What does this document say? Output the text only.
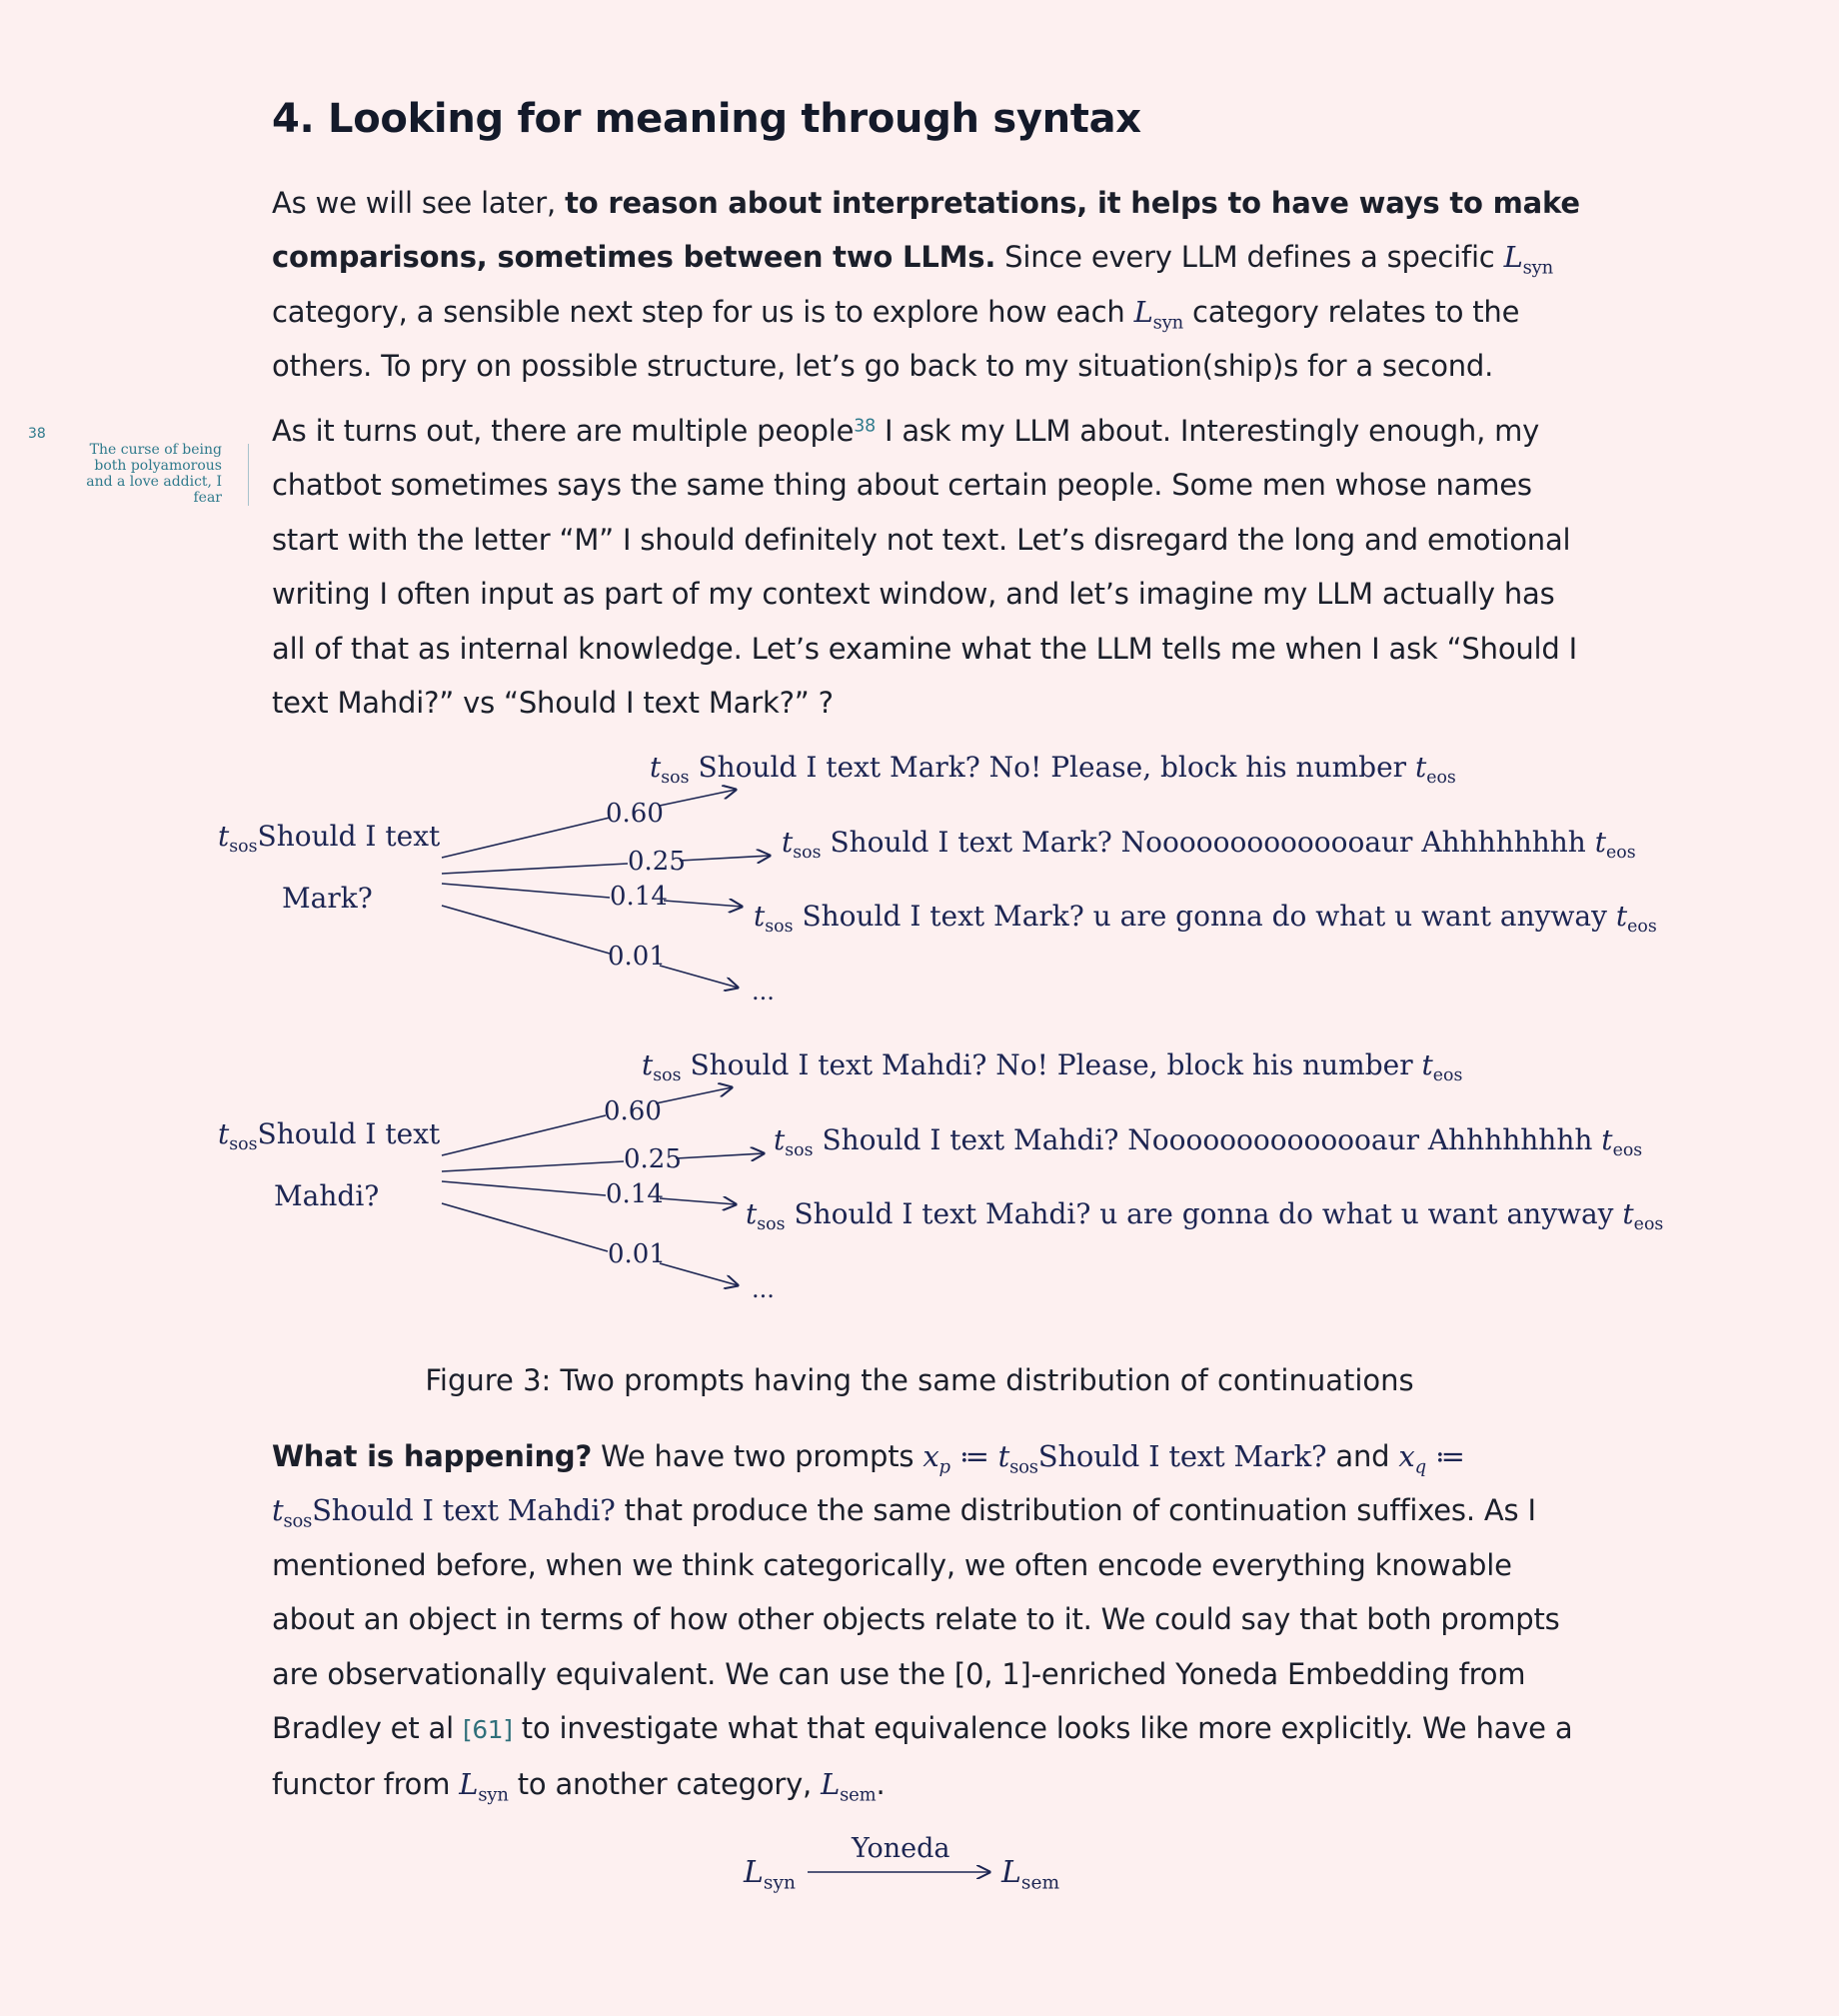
4. Looking for meaning through syntax

As we will see later, to reason about interpretations, it helps to have ways to make comparisons, sometimes between two LLMs. Since every LLM defines a specific $L_{syn}$ category, a sensible next step for us is to explore how each $L_{syn}$ category relates to the others. To pry on possible structure, let’s go back to my situation(ship)s for a second.

38
The curse of being both polyamorous and a love addict, I fear

As it turns out, there are multiple people$^{38}$ I ask my LLM about. Interestingly enough, my chatbot sometimes says the same thing about certain people. Some men whose names start with the letter “M” I should definitely not text. Let’s disregard the long and emotional writing I often input as part of my context window, and let’s imagine my LLM actually has all of that as internal knowledge. Let’s examine what the LLM tells me when I ask “Should I text Mahdi?” vs “Should I text Mark?” ?

$t_{sos}Should$ I text
Mark?
0.60
0.25
0.14
0.01
$t_{sos}$ Should I text Mark? No! Please, block his number $t_{eos}$
$t_{sos}$ Should I text Mark? Noooooooooooooaur Ahhhhhhhh $t_{eos}$
$t_{sos}$ Should I text Mark? u are gonna do what u want anyway $t_{eos}$
...
$t_{sos}Should$ I text
Mahdi?
0.60
0.25
0.14
0.01
$t_{sos}$ Should I text Mahdi? No! Please, block his number $t_{eos}$
$t_{sos}$ Should I text Mahdi? Noooooooooooooaur Ahhhhhhhh $t_{eos}$
$t_{sos}$ Should I text Mahdi? u are gonna do what u want anyway $t_{eos}$
...
Figure 3: Two prompts having the same distribution of continuations

What is happening? We have two prompts $x_p$ ≔ $t_{sos}Should$ I text Mark? and $x_q$ ≔ $t_{sos}Should$ I text Mahdi? that produce the same distribution of continuation suffixes. As I mentioned before, when we think categorically, we often encode everything knowable about an object in terms of how other objects relate to it. We could say that both prompts are observationally equivalent. We can use the [0, 1]-enriched Yoneda Embedding from Bradley et al [61] to investigate what that equivalence looks like more explicitly. We have a functor from $L_{syn}$ to another category, $L_{sem}$.

$L_{syn}$
Yoneda
$L_{sem}$
